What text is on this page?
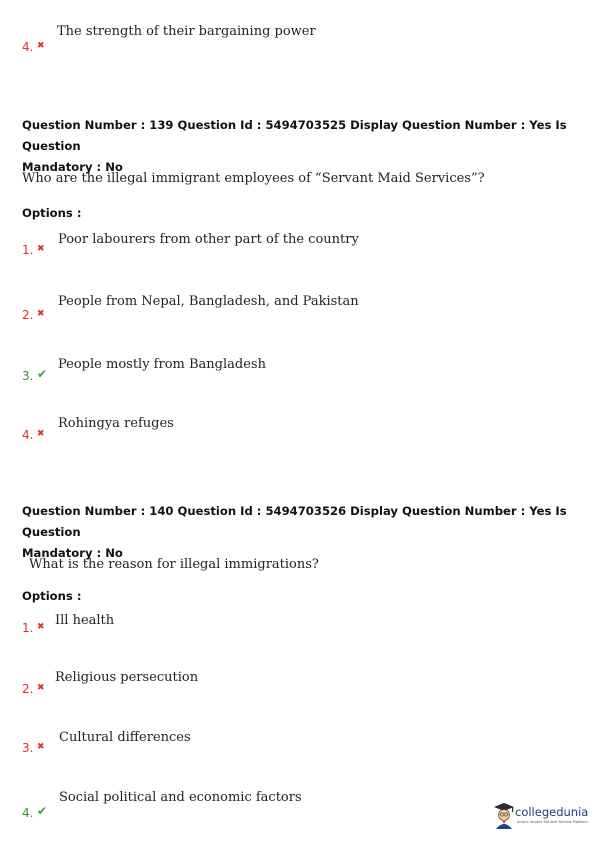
The strength of their bargaining power
4. ✖
Question Number : 139 Question Id : 5494703525 Display Question Number : Yes Is Question
Mandatory : No
Who are the illegal immigrant employees of “Servant Maid Services”?
Options :
Poor labourers from other part of the country
1. ✖
People from Nepal, Bangladesh, and Pakistan
2. ✖
People mostly from Bangladesh
3. ✔
Rohingya refuges
4. ✖
Question Number : 140 Question Id : 5494703526 Display Question Number : Yes Is Question
Mandatory : No
What is the reason for illegal immigrations?
Options :
Ill health
1. ✖
Religious persecution
2. ✖
Cultural differences
3. ✖
Social political and economic factors
4. ✔	collegedunia
India's largest Student Review Platform
